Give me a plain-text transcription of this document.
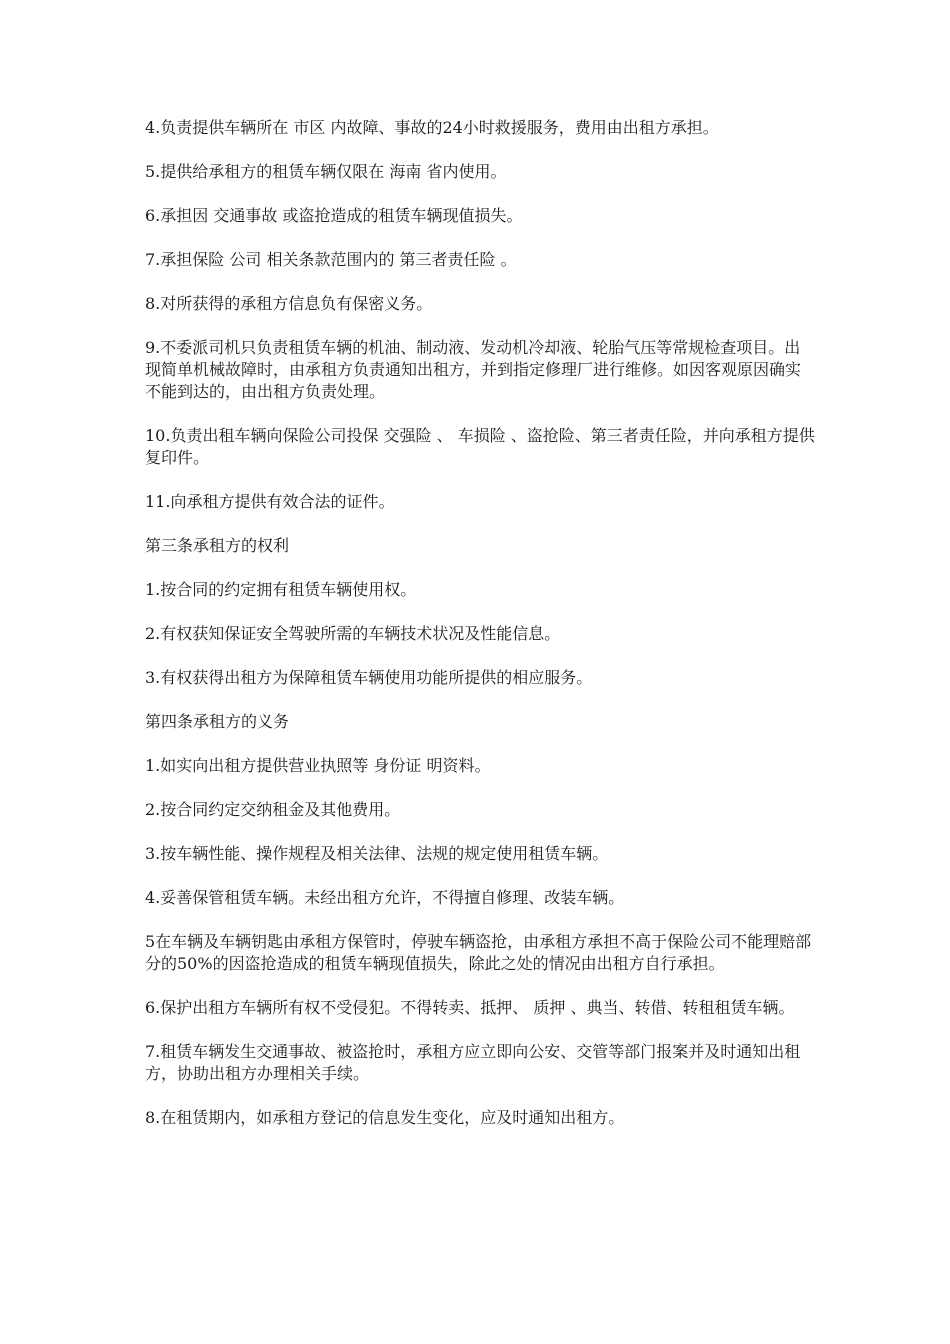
4.负责提供车辆所在 市区 内故障、事故的24小时救援服务，费用由出租方承担。

5.提供给承租方的租赁车辆仅限在 海南 省内使用。

6.承担因 交通事故 或盗抢造成的租赁车辆现值损失。

7.承担保险 公司 相关条款范围内的 第三者责任险 。

8.对所获得的承租方信息负有保密义务。

9.不委派司机只负责租赁车辆的机油、制动液、发动机冷却液、轮胎气压等常规检查项目。出现简单机械故障时，由承租方负责通知出租方，并到指定修理厂进行维修。如因客观原因确实不能到达的，由出租方负责处理。

10.负责出租车辆向保险公司投保 交强险 、 车损险 、盗抢险、第三者责任险，并向承租方提供复印件。

11.向承租方提供有效合法的证件。

第三条承租方的权利

1.按合同的约定拥有租赁车辆使用权。

2.有权获知保证安全驾驶所需的车辆技术状况及性能信息。

3.有权获得出租方为保障租赁车辆使用功能所提供的相应服务。

第四条承租方的义务

1.如实向出租方提供营业执照等 身份证 明资料。

2.按合同约定交纳租金及其他费用。

3.按车辆性能、操作规程及相关法律、法规的规定使用租赁车辆。

4.妥善保管租赁车辆。未经出租方允许，不得擅自修理、改装车辆。

5在车辆及车辆钥匙由承租方保管时，停驶车辆盗抢，由承租方承担不高于保险公司不能理赔部分的50%的因盗抢造成的租赁车辆现值损失，除此之处的情况由出租方自行承担。

6.保护出租方车辆所有权不受侵犯。不得转卖、抵押、 质押 、典当、转借、转租租赁车辆。

7.租赁车辆发生交通事故、被盗抢时，承租方应立即向公安、交管等部门报案并及时通知出租方，协助出租方办理相关手续。

8.在租赁期内，如承租方登记的信息发生变化，应及时通知出租方。
